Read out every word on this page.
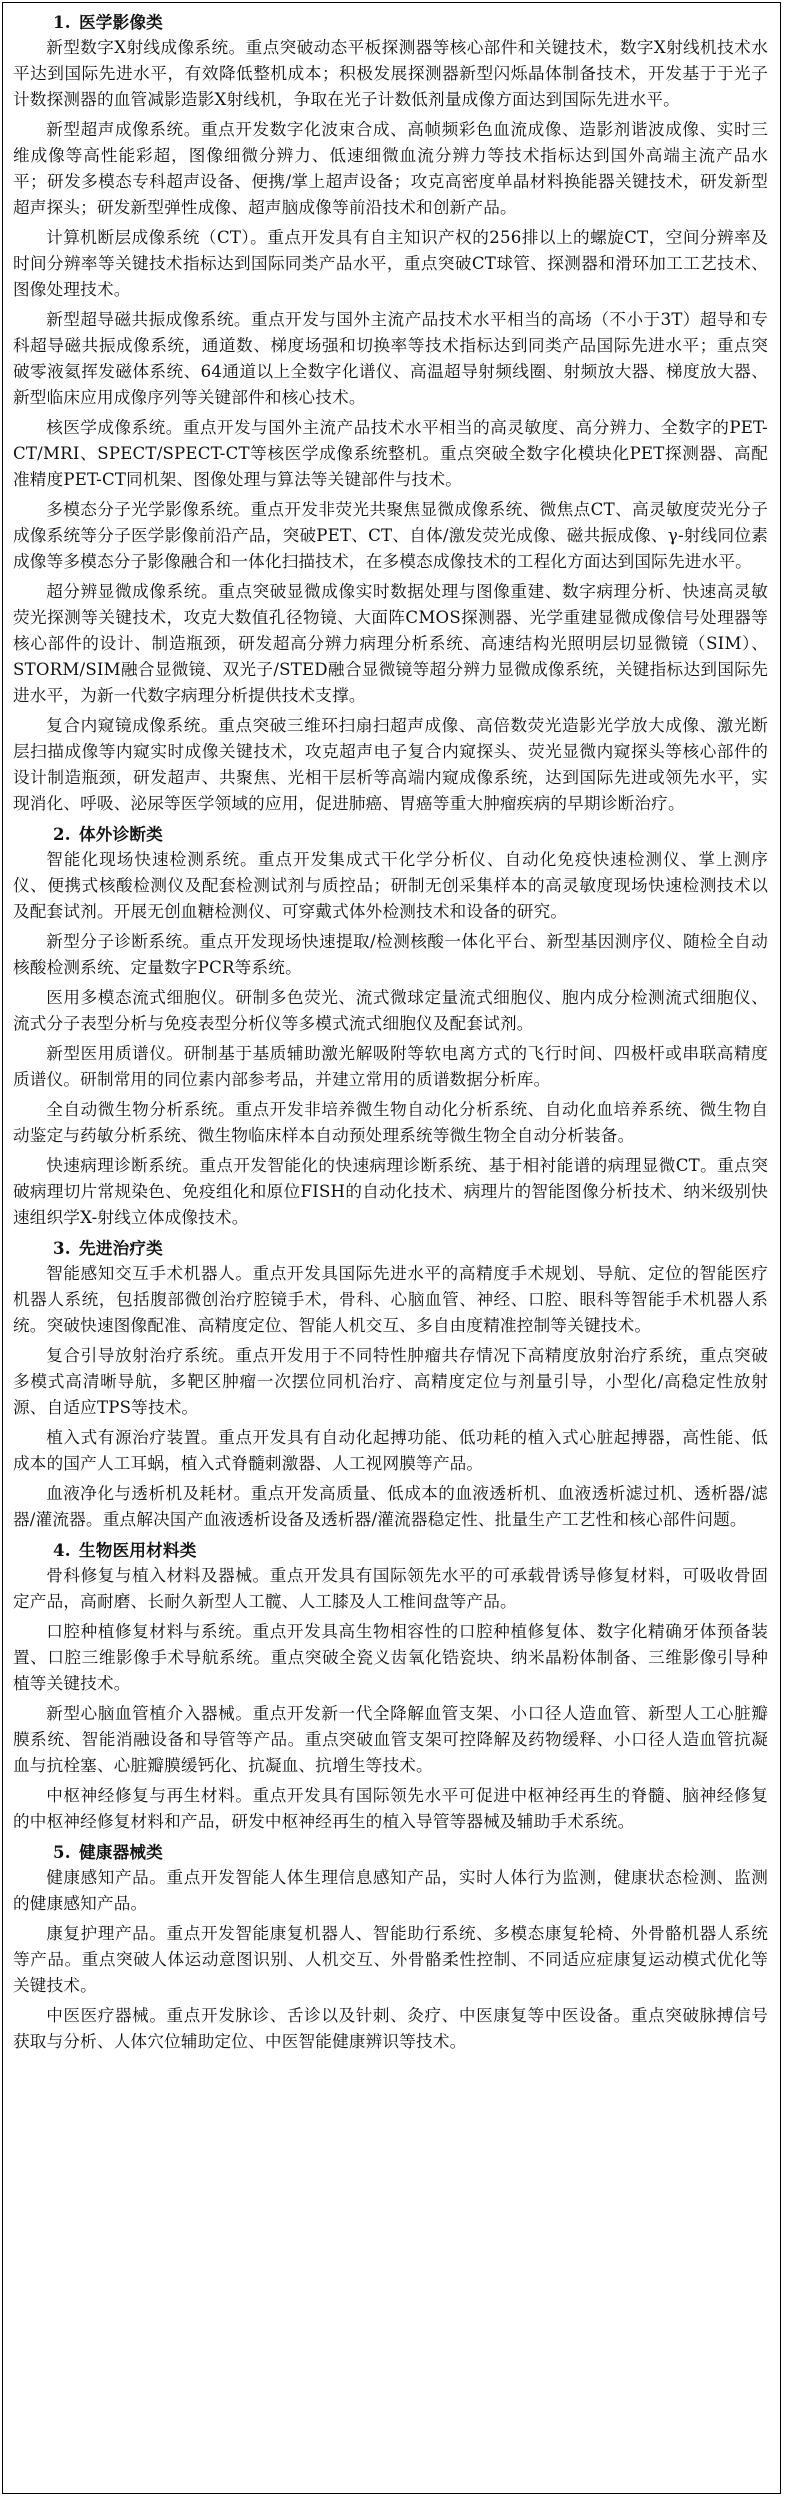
1. 医学影像类

新型数字X射线成像系统。重点突破动态平板探测器等核心部件和关键技术，数字X射线机技术水平达到国际先进水平，有效降低整机成本；积极发展探测器新型闪烁晶体制备技术，开发基于于光子计数探测器的血管减影造影X射线机，争取在光子计数低剂量成像方面达到国际先进水平。

新型超声成像系统。重点开发数字化波束合成、高帧频彩色血流成像、造影剂谐波成像、实时三维成像等高性能彩超，图像细微分辨力、低速细微血流分辨力等技术指标达到国外高端主流产品水平；研发多模态专科超声设备、便携/掌上超声设备；攻克高密度单晶材料换能器关键技术，研发新型超声探头；研发新型弹性成像、超声脑成像等前沿技术和创新产品。

计算机断层成像系统（CT）。重点开发具有自主知识产权的256排以上的螺旋CT，空间分辨率及时间分辨率等关键技术指标达到国际同类产品水平，重点突破CT球管、探测器和滑环加工工艺技术、图像处理技术。

新型超导磁共振成像系统。重点开发与国外主流产品技术水平相当的高场（不小于3T）超导和专科超导磁共振成像系统，通道数、梯度场强和切换率等技术指标达到同类产品国际先进水平；重点突破零液氦挥发磁体系统、64通道以上全数字化谱仪、高温超导射频线圈、射频放大器、梯度放大器、新型临床应用成像序列等关键部件和核心技术。

核医学成像系统。重点开发与国外主流产品技术水平相当的高灵敏度、高分辨力、全数字的PET-CT/MRI、SPECT/SPECT-CT等核医学成像系统整机。重点突破全数字化模块化PET探测器、高配准精度PET-CT同机架、图像处理与算法等关键部件与技术。

多模态分子光学影像系统。重点开发非荧光共聚焦显微成像系统、微焦点CT、高灵敏度荧光分子成像系统等分子医学影像前沿产品，突破PET、CT、自体/激发荧光成像、磁共振成像、γ-射线同位素成像等多模态分子影像融合和一体化扫描技术，在多模态成像技术的工程化方面达到国际先进水平。

超分辨显微成像系统。重点突破显微成像实时数据处理与图像重建、数字病理分析、快速高灵敏荧光探测等关键技术，攻克大数值孔径物镜、大面阵CMOS探测器、光学重建显微成像信号处理器等核心部件的设计、制造瓶颈，研发超高分辨力病理分析系统、高速结构光照明层切显微镜（SIM）、STORM/SIM融合显微镜、双光子/STED融合显微镜等超分辨力显微成像系统，关键指标达到国际先进水平，为新一代数字病理分析提供技术支撑。

复合内窥镜成像系统。重点突破三维环扫扇扫超声成像、高倍数荧光造影光学放大成像、激光断层扫描成像等内窥实时成像关键技术，攻克超声电子复合内窥探头、荧光显微内窥探头等核心部件的设计制造瓶颈，研发超声、共聚焦、光相干层析等高端内窥成像系统，达到国际先进或领先水平，实现消化、呼吸、泌尿等医学领域的应用，促进肺癌、胃癌等重大肿瘤疾病的早期诊断治疗。

2. 体外诊断类

智能化现场快速检测系统。重点开发集成式干化学分析仪、自动化免疫快速检测仪、掌上测序仪、便携式核酸检测仪及配套检测试剂与质控品；研制无创采集样本的高灵敏度现场快速检测技术以及配套试剂。开展无创血糖检测仪、可穿戴式体外检测技术和设备的研究。

新型分子诊断系统。重点开发现场快速提取/检测核酸一体化平台、新型基因测序仪、随检全自动核酸检测系统、定量数字PCR等系统。

医用多模态流式细胞仪。研制多色荧光、流式微球定量流式细胞仪、胞内成分检测流式细胞仪、流式分子表型分析与免疫表型分析仪等多模式流式细胞仪及配套试剂。

新型医用质谱仪。研制基于基质辅助激光解吸附等软电离方式的飞行时间、四极杆或串联高精度质谱仪。研制常用的同位素内部参考品，并建立常用的质谱数据分析库。

全自动微生物分析系统。重点开发非培养微生物自动化分析系统、自动化血培养系统、微生物自动鉴定与药敏分析系统、微生物临床样本自动预处理系统等微生物全自动分析装备。

快速病理诊断系统。重点开发智能化的快速病理诊断系统、基于相衬能谱的病理显微CT。重点突破病理切片常规染色、免疫组化和原位FISH的自动化技术、病理片的智能图像分析技术、纳米级别快速组织学X-射线立体成像技术。

3. 先进治疗类

智能感知交互手术机器人。重点开发具国际先进水平的高精度手术规划、导航、定位的智能医疗机器人系统，包括腹部微创治疗腔镜手术，骨科、心脑血管、神经、口腔、眼科等智能手术机器人系统。突破快速图像配准、高精度定位、智能人机交互、多自由度精准控制等关键技术。

复合引导放射治疗系统。重点开发用于不同特性肿瘤共存情况下高精度放射治疗系统，重点突破多模式高清晰导航，多靶区肿瘤一次摆位同机治疗、高精度定位与剂量引导，小型化/高稳定性放射源、自适应TPS等技术。

植入式有源治疗装置。重点开发具有自动化起搏功能、低功耗的植入式心脏起搏器，高性能、低成本的国产人工耳蜗，植入式脊髓刺激器、人工视网膜等产品。

血液净化与透析机及耗材。重点开发高质量、低成本的血液透析机、血液透析滤过机、透析器/滤器/灌流器。重点解决国产血液透析设备及透析器/灌流器稳定性、批量生产工艺性和核心部件问题。

4. 生物医用材料类

骨科修复与植入材料及器械。重点开发具有国际领先水平的可承载骨诱导修复材料，可吸收骨固定产品，高耐磨、长耐久新型人工髋、人工膝及人工椎间盘等产品。

口腔种植修复材料与系统。重点开发具高生物相容性的口腔种植修复体、数字化精确牙体预备装置、口腔三维影像手术导航系统。重点突破全瓷义齿氧化锆瓷块、纳米晶粉体制备、三维影像引导种植等关键技术。

新型心脑血管植介入器械。重点开发新一代全降解血管支架、小口径人造血管、新型人工心脏瓣膜系统、智能消融设备和导管等产品。重点突破血管支架可控降解及药物缓释、小口径人造血管抗凝血与抗栓塞、心脏瓣膜缓钙化、抗凝血、抗增生等技术。

中枢神经修复与再生材料。重点开发具有国际领先水平可促进中枢神经再生的脊髓、脑神经修复的中枢神经修复材料和产品，研发中枢神经再生的植入导管等器械及辅助手术系统。

5. 健康器械类

健康感知产品。重点开发智能人体生理信息感知产品，实时人体行为监测，健康状态检测、监测的健康感知产品。

康复护理产品。重点开发智能康复机器人、智能助行系统、多模态康复轮椅、外骨骼机器人系统等产品。重点突破人体运动意图识别、人机交互、外骨骼柔性控制、不同适应症康复运动模式优化等关键技术。

中医医疗器械。重点开发脉诊、舌诊以及针刺、灸疗、中医康复等中医设备。重点突破脉搏信号获取与分析、人体穴位辅助定位、中医智能健康辨识等技术。
